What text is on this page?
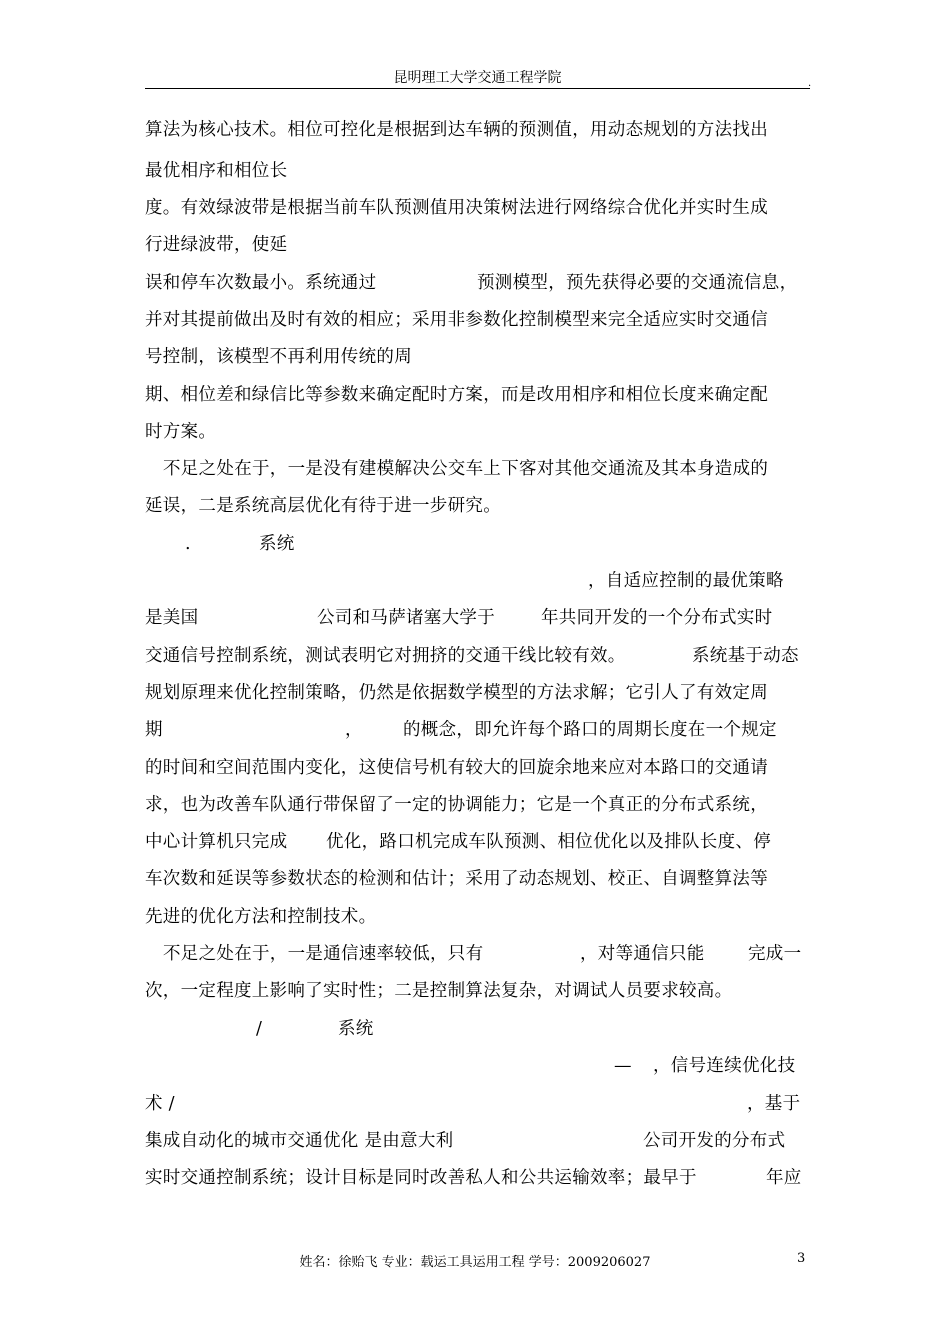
昆明理工大学交通工程学院	.
算法为核心技术。相位可控化是根据到达车辆的预测值，用动态规划的方法找出
最优相序和相位长
度。有效绿波带是根据当前车队预测值用决策树法进行网络综合优化并实时生成
行进绿波带，使延
误和停车次数最小。系统通过	预测模型，预先获得必要的交通流信息，
并对其提前做出及时有效的相应；采用非参数化控制模型来完全适应实时交通信
号控制，该模型不再利用传统的周
期、相位差和绿信比等参数来确定配时方案，而是改用相序和相位长度来确定配
时方案。
不足之处在于，一是没有建模解决公交车上下客对其他交通流及其本身造成的
延误，二是系统高层优化有待于进一步研究。
.	系统
，自适应控制的最优策略
是美国	公司和马萨诸塞大学于	年共同开发的一个分布式实时
交通信号控制系统，测试表明它对拥挤的交通干线比较有效。	系统基于动态
规划原理来优化控制策略，仍然是依据数学模型的方法求解；它引人了有效定周
期	， 的概念，即允许每个路口的周期长度在一个规定
的时间和空间范围内变化，这使信号机有较大的回旋余地来应对本路口的交通请
求，也为改善车队通行带保留了一定的协调能力；它是一个真正的分布式系统，
中心计算机只完成 优化，路口机完成车队预测、相位优化以及排队长度、停
车次数和延误等参数状态的检测和估计；采用了动态规划、校正、自调整算法等
先进的优化方法和控制技术。
不足之处在于，一是通信速率较低，只有	，对等通信只能 完成一
次，一定程度上影响了实时性；二是控制算法复杂，对调试人员要求较高。
/	系统
— ，信号连续优化技
术 /	，基于
集成自动化的城市交通优化 是由意大利	公司开发的分布式
实时交通控制系统；设计目标是同时改善私人和公共运输效率；最早于	年应
姓名：徐贻飞 专业：载运工具运用工程 学号：2009206027	3
